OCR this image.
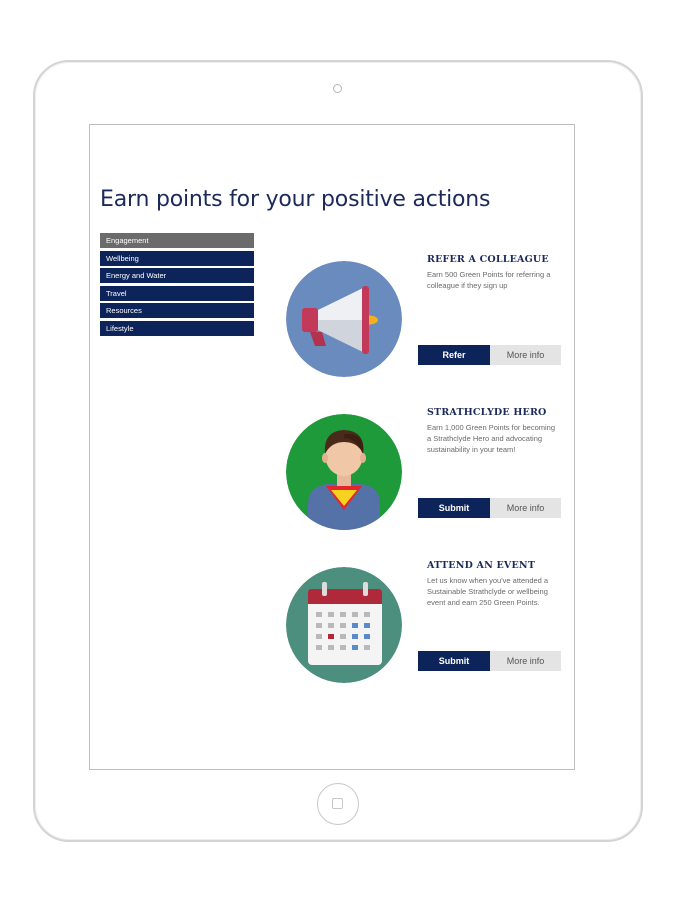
Earn points for your positive actions
Engagement
Wellbeing
Energy and Water
Travel
Resources
Lifestyle
REFER A COLLEAGUE

Earn 500 Green Points for referring a colleague if they sign up

Refer	More info
STRATHCLYDE HERO

Earn 1,000 Green Points for becoming a Strathclyde Hero and advocating sustainability in your team!

Submit	More info
ATTEND AN EVENT

Let us know when you've attended a Sustainable Strathclyde or wellbeing event and earn 250 Green Points.

Submit	More info
